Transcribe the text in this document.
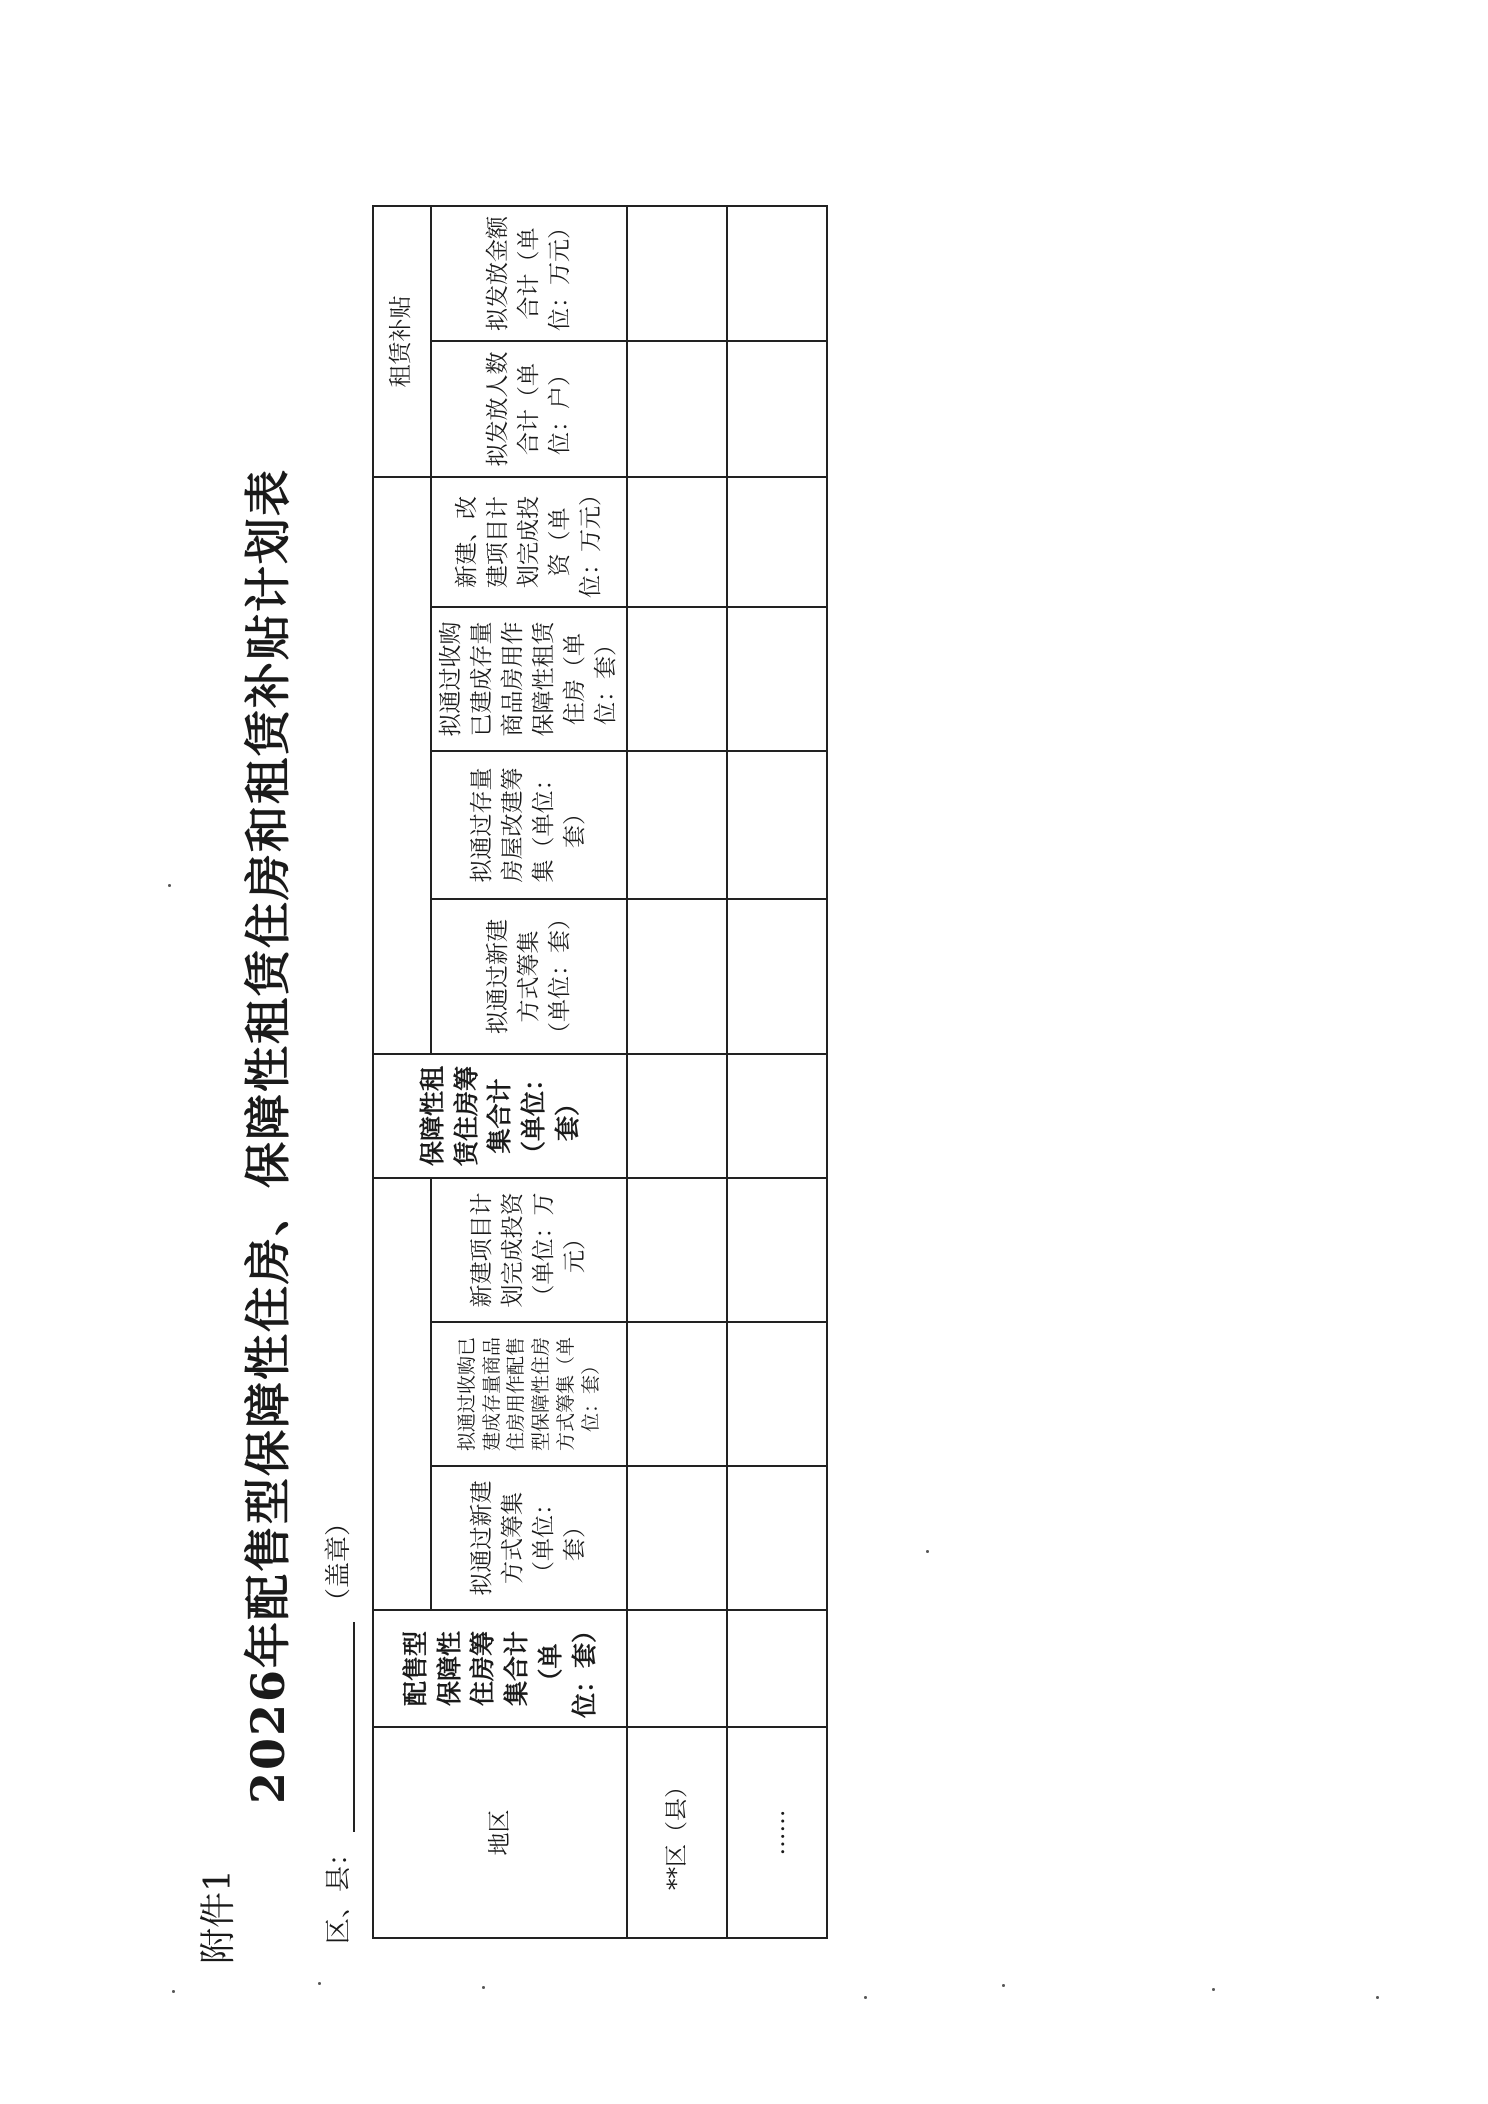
附件1
2026年配售型保障性住房、保障性租赁住房和租赁补贴计划表
区、县：（盖章）
地区	配售型保障性住房筹集合计（单位：套）				保障性租赁住房筹集合计（单位：套）					租赁补贴	
		拟通过新建方式筹集（单位：套）	拟通过收购已建成存量商品住房用作配售型保障性住房方式筹集（单位：套）	新建项目计划完成投资（单位：万元）		拟通过新建方式筹集（单位：套）	拟通过存量房屋改建筹集（单位：套）	拟通过收购已建成存量商品房用作保障性租赁住房（单位：套）	新建、改建项目计划完成投资（单位：万元）	拟发放人数合计（单位：户）	拟发放金额合计（单位：万元）
**区（县）											
……											
